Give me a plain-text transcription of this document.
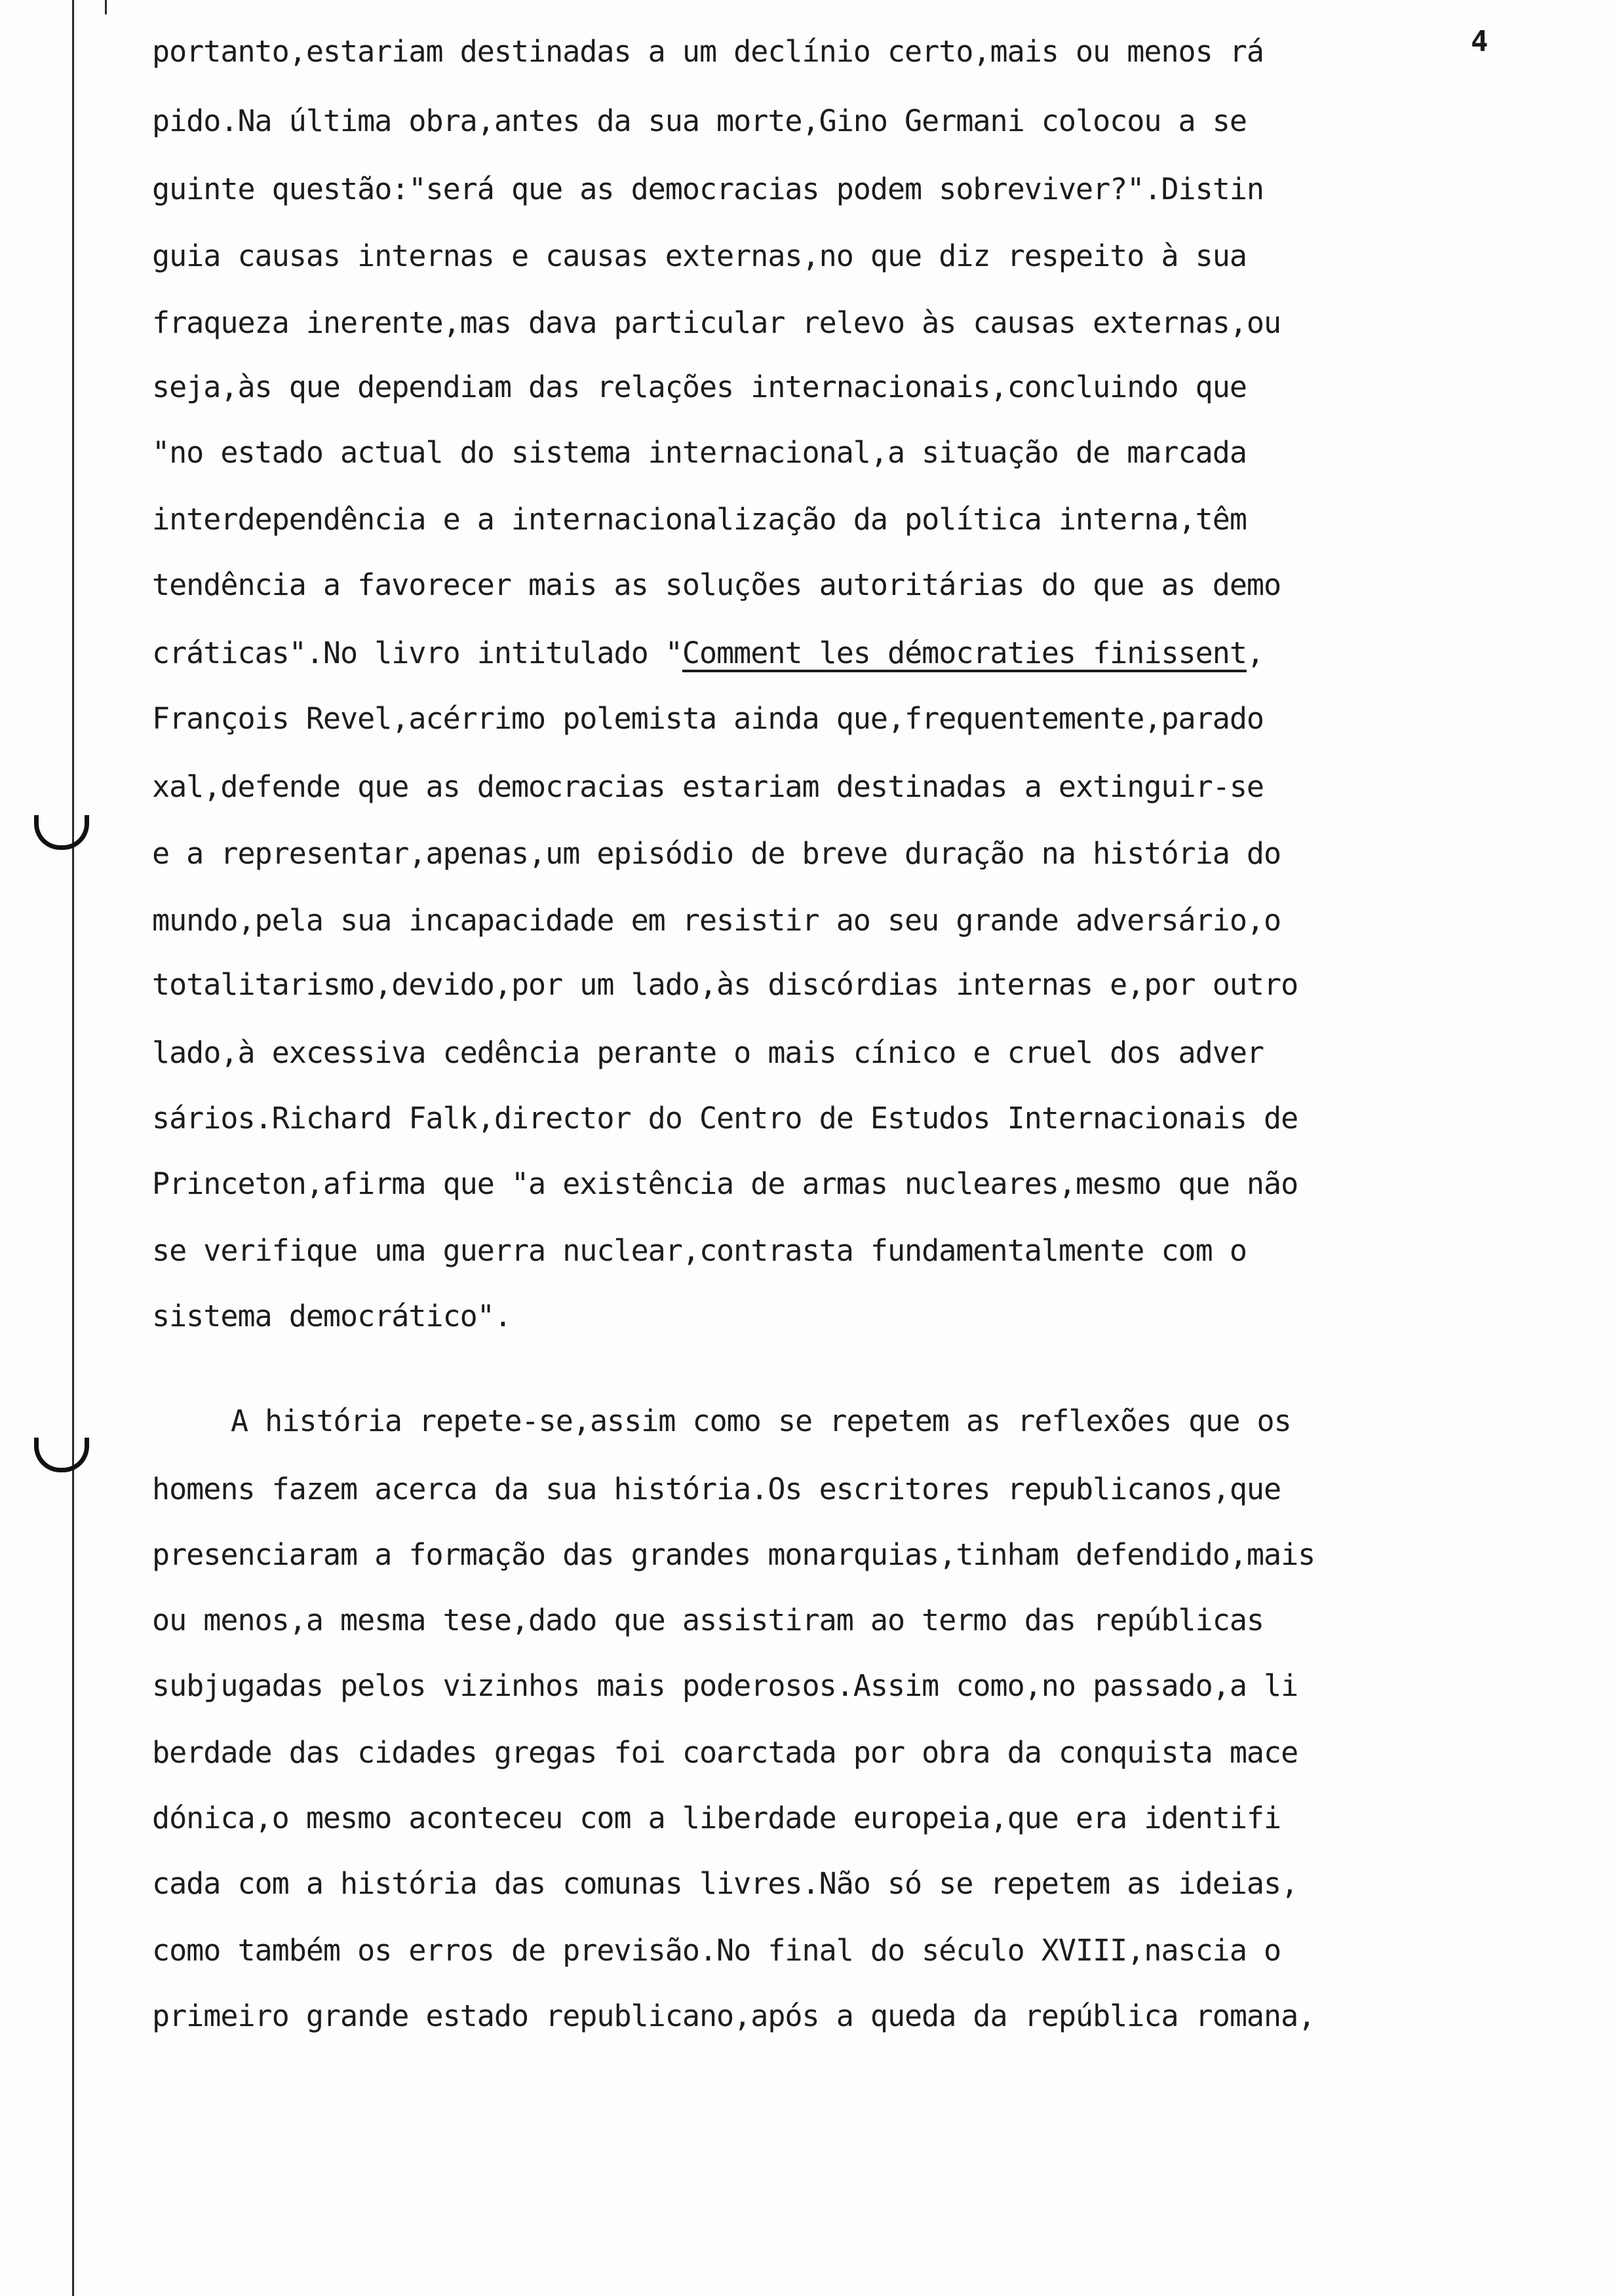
4
portanto,estariam destinadas a um declínio certo,mais ou menos rá
pido.Na última obra,antes da sua morte,Gino Germani colocou a se
guinte questão:"será que as democracias podem sobreviver?".Distin
guia causas internas e causas externas,no que diz respeito à sua
fraqueza inerente,mas dava particular relevo às causas externas,ou
seja,às que dependiam das relações internacionais,concluindo que
"no estado actual do sistema internacional,a situação de marcada
interdependência e a internacionalização da política interna,têm
tendência a favorecer mais as soluções autoritárias do que as demo
cráticas".No livro intitulado "Comment les démocraties finissent,
François Revel,acérrimo polemista ainda que,frequentemente,parado
xal,defende que as democracias estariam destinadas a extinguir-se
e a representar,apenas,um episódio de breve duração na história do
mundo,pela sua incapacidade em resistir ao seu grande adversário,o
totalitarismo,devido,por um lado,às discórdias internas e,por outro
lado,à excessiva cedência perante o mais cínico e cruel dos adver
sários.Richard Falk,director do Centro de Estudos Internacionais de
Princeton,afirma que "a existência de armas nucleares,mesmo que não
se verifique uma guerra nuclear,contrasta fundamentalmente com o
sistema democrático".
A história repete-se,assim como se repetem as reflexões que os
homens fazem acerca da sua história.Os escritores republicanos,que
presenciaram a formação das grandes monarquias,tinham defendido,mais
ou menos,a mesma tese,dado que assistiram ao termo das repúblicas
subjugadas pelos vizinhos mais poderosos.Assim como,no passado,a li
berdade das cidades gregas foi coarctada por obra da conquista mace
dónica,o mesmo aconteceu com a liberdade europeia,que era identifi
cada com a história das comunas livres.Não só se repetem as ideias,
como também os erros de previsão.No final do século XVIII,nascia o
primeiro grande estado republicano,após a queda da república romana,
